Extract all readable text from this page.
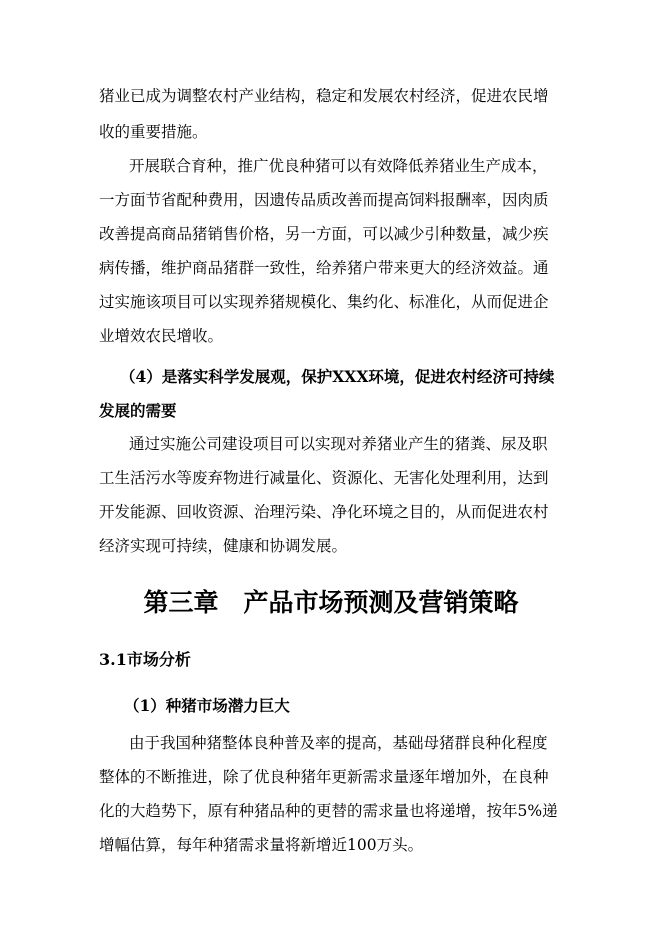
猪业已成为调整农村产业结构，稳定和发展农村经济，促进农民增

收的重要措施。

开展联合育种，推广优良种猪可以有效降低养猪业生产成本，

一方面节省配种费用，因遗传品质改善而提高饲料报酬率，因肉质

改善提高商品猪销售价格，另一方面，可以减少引种数量，减少疾

病传播，维护商品猪群一致性，给养猪户带来更大的经济效益。通

过实施该项目可以实现养猪规模化、集约化、标准化，从而促进企

业增效农民增收。

（4）是落实科学发展观，保护XXX环境，促进农村经济可持续

发展的需要

通过实施公司建设项目可以实现对养猪业产生的猪粪、尿及职

工生活污水等废弃物进行减量化、资源化、无害化处理利用，达到

开发能源、回收资源、治理污染、净化环境之目的，从而促进农村

经济实现可持续，健康和协调发展。

第三章　产品市场预测及营销策略
3.1市场分析

（1）种猪市场潜力巨大

由于我国种猪整体良种普及率的提高，基础母猪群良种化程度

整体的不断推进，除了优良种猪年更新需求量逐年增加外，在良种

化的大趋势下，原有种猪品种的更替的需求量也将递增，按年5%递

增幅估算，每年种猪需求量将新增近100万头。
